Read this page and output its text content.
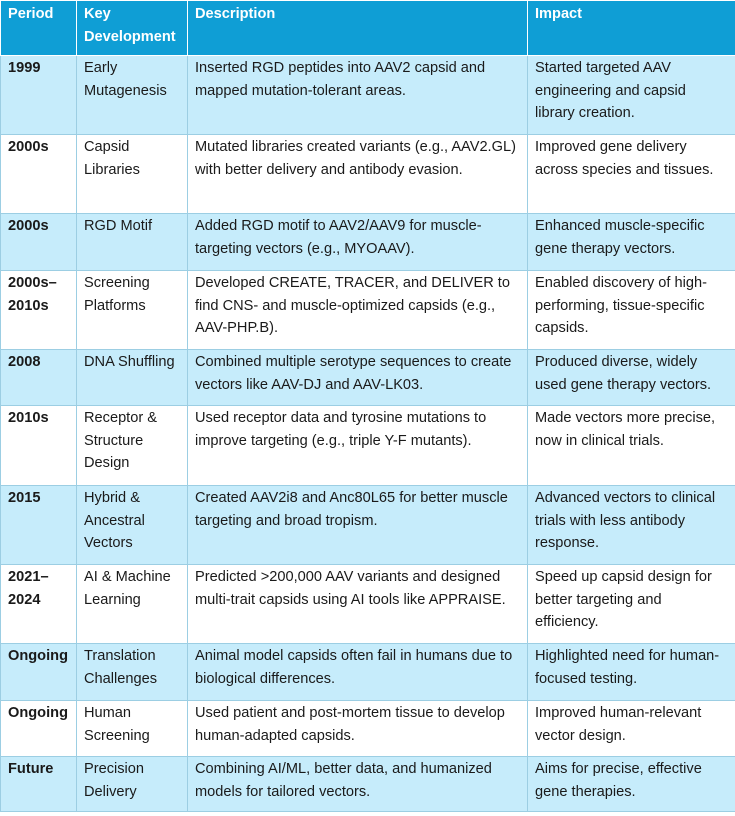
Period	Key Development	Description	Impact
1999	Early Mutagenesis	Inserted RGD peptides into AAV2 capsid and mapped mutation-tolerant areas.	Started targeted AAV engineering and capsid library creation.
2000s	Capsid Libraries	Mutated libraries created variants (e.g., AAV2.GL) with better delivery and antibody evasion.	Improved gene delivery across species and tissues.
2000s	RGD Motif	Added RGD motif to AAV2/AAV9 for muscle-targeting vectors (e.g., MYOAAV).	Enhanced muscle-specific gene therapy vectors.
2000s–2010s	Screening Platforms	Developed CREATE, TRACER, and DELIVER to find CNS- and muscle-optimized capsids (e.g., AAV-PHP.B).	Enabled discovery of high-performing, tissue-specific capsids.
2008	DNA Shuffling	Combined multiple serotype sequences to create vectors like AAV-DJ and AAV-LK03.	Produced diverse, widely used gene therapy vectors.
2010s	Receptor & Structure Design	Used receptor data and tyrosine mutations to improve targeting (e.g., triple Y-F mutants).	Made vectors more precise, now in clinical trials.
2015	Hybrid & Ancestral Vectors	Created AAV2i8 and Anc80L65 for better muscle targeting and broad tropism.	Advanced vectors to clinical trials with less antibody response.
2021–2024	AI & Machine Learning	Predicted >200,000 AAV variants and designed multi-trait capsids using AI tools like APPRAISE.	Speed up capsid design for better targeting and efficiency.
Ongoing	Translation Challenges	Animal model capsids often fail in humans due to biological differences.	Highlighted need for human-focused testing.
Ongoing	Human Screening	Used patient and post-mortem tissue to develop human-adapted capsids.	Improved human-relevant vector design.
Future	Precision Delivery	Combining AI/ML, better data, and humanized models for tailored vectors.	Aims for precise, effective gene therapies.
